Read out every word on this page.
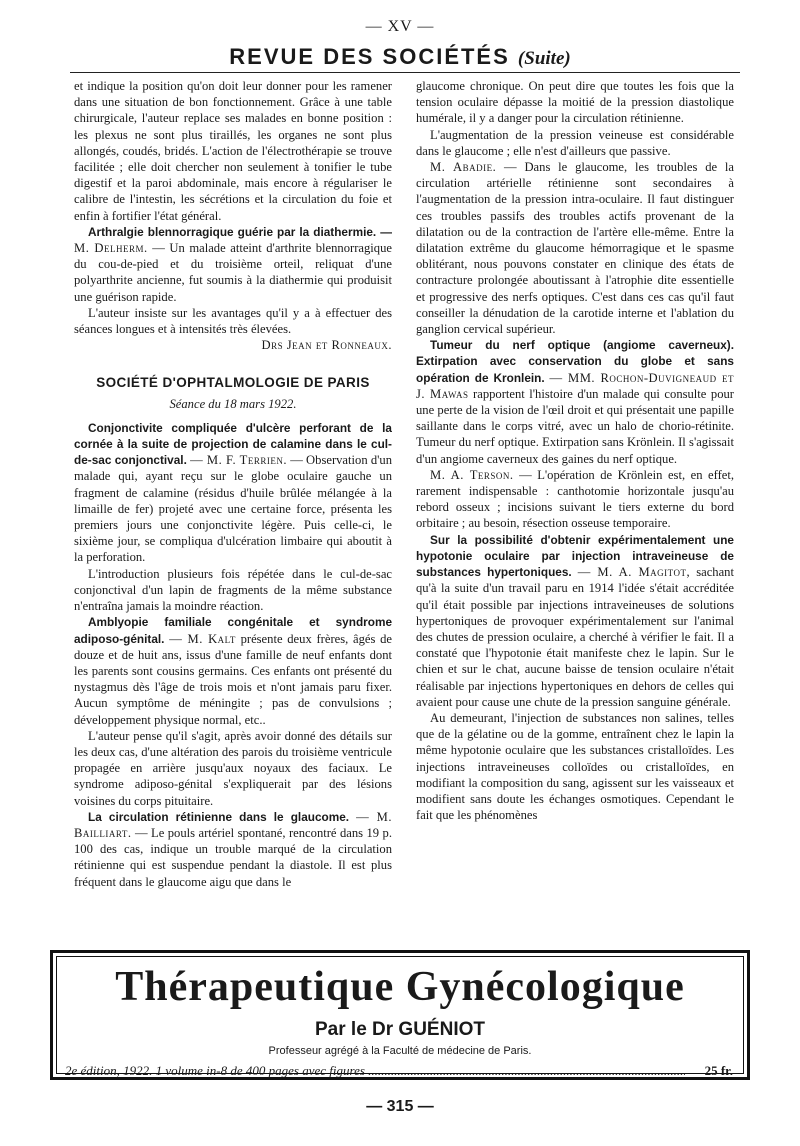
— XV —
REVUE DES SOCIÉTÉS (Suite)

et indique la position qu'on doit leur donner pour les ramener dans une situation de bon fonctionnement. Grâce à une table chirurgicale, l'auteur replace ses malades en bonne position : les plexus ne sont plus tiraillés, les organes ne sont plus allongés, coudés, bridés. L'action de l'électrothérapie se trouve facilitée ; elle doit chercher non seulement à tonifier le tube digestif et la paroi abdominale, mais encore à régulariser le calibre de l'intestin, les sécrétions et la circulation du foie et enfin à fortifier l'état général.

Arthralgie blennorragique guérie par la diathermie. — M. Delherm. — Un malade atteint d'arthrite blennorragique du cou-de-pied et du troisième orteil, reliquat d'une polyarthrite ancienne, fut soumis à la diathermie qui produisit une guérison rapide.

L'auteur insiste sur les avantages qu'il y a à effectuer des séances longues et à intensités très élevées.

Drs Jean et Ronneaux.

SOCIÉTÉ D'OPHTALMOLOGIE DE PARIS

Séance du 18 mars 1922.

Conjonctivite compliquée d'ulcère perforant de la cornée à la suite de projection de calamine dans le cul-de-sac conjonctival. — M. F. Terrien. — Observation d'un malade qui, ayant reçu sur le globe oculaire gauche un fragment de calamine (résidus d'huile brûlée mélangée à la limaille de fer) projeté avec une certaine force, présenta les premiers jours une conjonctivite légère. Puis celle-ci, le sixième jour, se compliqua d'ulcération limbaire qui aboutit à la perforation.

L'introduction plusieurs fois répétée dans le cul-de-sac conjonctival d'un lapin de fragments de la même substance n'entraîna jamais la moindre réaction.

Amblyopie familiale congénitale et syndrome adiposo-génital. — M. Kalt présente deux frères, âgés de douze et de huit ans, issus d'une famille de neuf enfants dont les parents sont cousins germains. Ces enfants ont présenté du nystagmus dès l'âge de trois mois et n'ont jamais paru fixer. Aucun symptôme de méningite ; pas de convulsions ; développement physique normal, etc..

L'auteur pense qu'il s'agit, après avoir donné des détails sur les deux cas, d'une altération des parois du troisième ventricule propagée en arrière jusqu'aux noyaux des faciaux. Le syndrome adiposo-génital s'expliquerait par des lésions voisines du corps pituitaire.

La circulation rétinienne dans le glaucome. — M. Bailliart. — Le pouls artériel spontané, rencontré dans 19 p. 100 des cas, indique un trouble marqué de la circulation rétinienne qui est suspendue pendant la diastole. Il est plus fréquent dans le glaucome aigu que dans le

glaucome chronique. On peut dire que toutes les fois que la tension oculaire dépasse la moitié de la pression diastolique humérale, il y a danger pour la circulation rétinienne.

L'augmentation de la pression veineuse est considérable dans le glaucome ; elle n'est d'ailleurs que passive.

M. Abadie. — Dans le glaucome, les troubles de la circulation artérielle rétinienne sont secondaires à l'augmentation de la pression intra-oculaire. Il faut distinguer ces troubles passifs des troubles actifs provenant de la dilatation ou de la contraction de l'artère elle-même. Entre la dilatation extrême du glaucome hémorragique et le spasme oblitérant, nous pouvons constater en clinique des états de contracture prolongée aboutissant à l'atrophie dite essentielle et progressive des nerfs optiques. C'est dans ces cas qu'il faut conseiller la dénudation de la carotide interne et l'ablation du ganglion cervical supérieur.

Tumeur du nerf optique (angiome caverneux). Extirpation avec conservation du globe et sans opération de Kronlein. — MM. Rochon-Duvigneaud et J. Mawas rapportent l'histoire d'un malade qui consulte pour une perte de la vision de l'œil droit et qui présentait une papille saillante dans le corps vitré, avec un halo de chorio-rétinite. Tumeur du nerf optique. Extirpation sans Krönlein. Il s'agissait d'un angiome caverneux des gaines du nerf optique.

M. A. Terson. — L'opération de Krönlein est, en effet, rarement indispensable : canthotomie horizontale jusqu'au rebord osseux ; incisions suivant le tiers externe du bord orbitaire ; au besoin, résection osseuse temporaire.

Sur la possibilité d'obtenir expérimentalement une hypotonie oculaire par injection intraveineuse de substances hypertoniques. — M. A. Magitot, sachant qu'à la suite d'un travail paru en 1914 l'idée s'était accréditée qu'il était possible par injections intraveineuses de solutions hypertoniques de provoquer expérimentalement sur l'animal des chutes de pression oculaire, a cherché à vérifier le fait. Il a constaté que l'hypotonie était manifeste chez le lapin. Sur le chien et sur le chat, aucune baisse de tension oculaire n'était réalisable par injections hypertoniques en dehors de celles qui avaient pour cause une chute de la pression sanguine générale.

Au demeurant, l'injection de substances non salines, telles que de la gélatine ou de la gomme, entraînent chez le lapin la même hypotonie oculaire que les substances cristalloïdes. Les injections intraveineuses colloïdes ou cristalloïdes, en modifiant la composition du sang, agissent sur les vaisseaux et modifient sans doute les échanges osmotiques. Cependant le fait que les phénomènes

Thérapeutique Gynécologique
Par le Dr GUÉNIOT
Professeur agrégé à la Faculté de médecine de Paris.
2e édition, 1922. 1 volume in-8 de 400 pages avec figures .....	25 fr.
— 315 —
